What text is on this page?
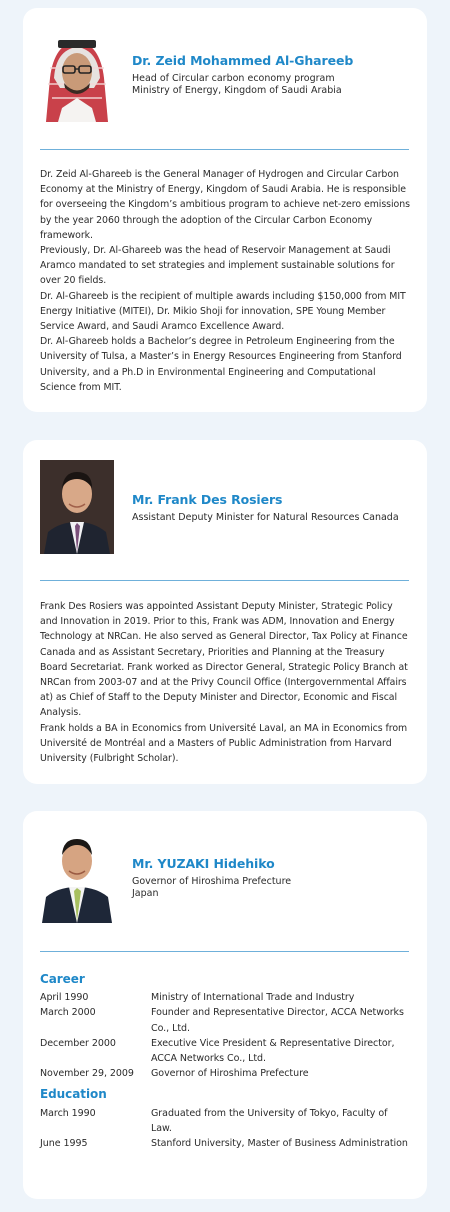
Dr. Zeid Mohammed Al-Ghareeb
Head of Circular carbon economy program
Ministry of Energy, Kingdom of Saudi Arabia

Dr. Zeid Al-Ghareeb is the General Manager of Hydrogen and Circular Carbon Economy at the Ministry of Energy, Kingdom of Saudi Arabia. He is responsible for overseeing the Kingdom’s ambitious program to achieve net-zero emissions by the year 2060 through the adoption of the Circular Carbon Economy framework.

Previously, Dr. Al-Ghareeb was the head of Reservoir Management at Saudi Aramco mandated to set strategies and implement sustainable solutions for over 20 fields.

Dr. Al-Ghareeb is the recipient of multiple awards including $150,000 from MIT Energy Initiative (MITEI), Dr. Mikio Shoji for innovation, SPE Young Member Service Award, and Saudi Aramco Excellence Award.

Dr. Al-Ghareeb holds a Bachelor’s degree in Petroleum Engineering from the University of Tulsa, a Master’s in Energy Resources Engineering from Stanford University, and a Ph.D in Environmental Engineering and Computational Science from MIT.

Mr. Frank Des Rosiers
Assistant Deputy Minister for Natural Resources Canada

Frank Des Rosiers was appointed Assistant Deputy Minister, Strategic Policy and Innovation in 2019. Prior to this, Frank was ADM, Innovation and Energy Technology at NRCan. He also served as General Director, Tax Policy at Finance Canada and as Assistant Secretary, Priorities and Planning at the Treasury Board Secretariat. Frank worked as Director General, Strategic Policy Branch at NRCan from 2003-07 and at the Privy Council Office (Intergovernmental Affairs at) as Chief of Staff to the Deputy Minister and Director, Economic and Fiscal Analysis.

Frank holds a BA in Economics from Université Laval, an MA in Economics from Université de Montréal and a Masters of Public Administration from Harvard University (Fulbright Scholar).

Mr. YUZAKI Hidehiko
Governor of Hiroshima Prefecture
Japan
Career
April 1990	Ministry of International Trade and Industry
March 2000	Founder and Representative Director, ACCA Networks Co., Ltd.
December 2000	Executive Vice President & Representative Director, ACCA Networks Co., Ltd.
November 29, 2009	Governor of Hiroshima Prefecture
Education
March 1990	Graduated from the University of Tokyo, Faculty of Law.
June 1995	Stanford University, Master of Business Administration
